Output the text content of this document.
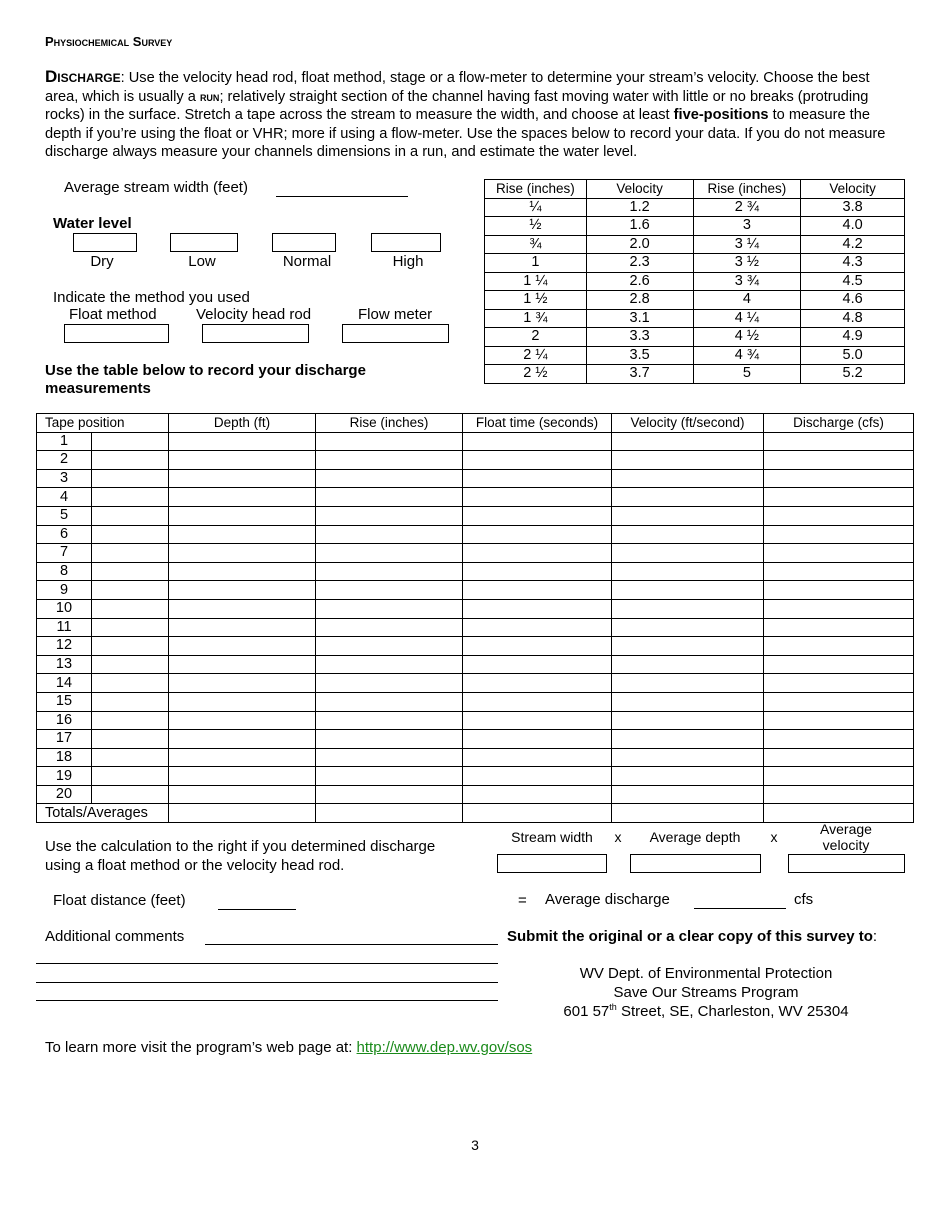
Physiochemical Survey
Discharge: Use the velocity head rod, float method, stage or a flow-meter to determine your stream’s velocity. Choose the best area, which is usually a run; relatively straight section of the channel having fast moving water with little or no breaks (protruding rocks) in the surface. Stretch a tape across the stream to measure the width, and choose at least five-positions to measure the depth if you’re using the float or VHR; more if using a flow-meter. Use the spaces below to record your data. If you do not measure discharge always measure your channels dimensions in a run, and estimate the water level.
Average stream width (feet)
Water level
Dry	Low	Normal	High
Indicate the method you used
Float method	Velocity head rod	Flow meter
Use the table below to record your discharge measurements
Rise (inches)	Velocity	Rise (inches)	Velocity
¼	1.2	2 ¾	3.8
½	1.6	3	4.0
¾	2.0	3 ¼	4.2
1	2.3	3 ½	4.3
1 ¼	2.6	3 ¾	4.5
1 ½	2.8	4	4.6
1 ¾	3.1	4 ¼	4.8
2	3.3	4 ½	4.9
2 ¼	3.5	4 ¾	5.0
2 ½	3.7	5	5.2
Tape position		Depth (ft)	Rise (inches)	Float time (seconds)	Velocity (ft/second)	Discharge (cfs)
1						
2						
3						
4						
5						
6						
7						
8						
9						
10						
11						
12						
13						
14						
15						
16						
17						
18						
19						
20						
Totals/Averages						
Use the calculation to the right if you determined discharge using a float method or the velocity head rod.
Stream width	x	Average depth	x	Average velocity
Float distance (feet)	= Average discharge	cfs
Additional comments	Submit the original or a clear copy of this survey to:
WV Dept. of Environmental Protection
Save Our Streams Program
601 57th Street, SE, Charleston, WV 25304
To learn more visit the program’s web page at: http://www.dep.wv.gov/sos
3
